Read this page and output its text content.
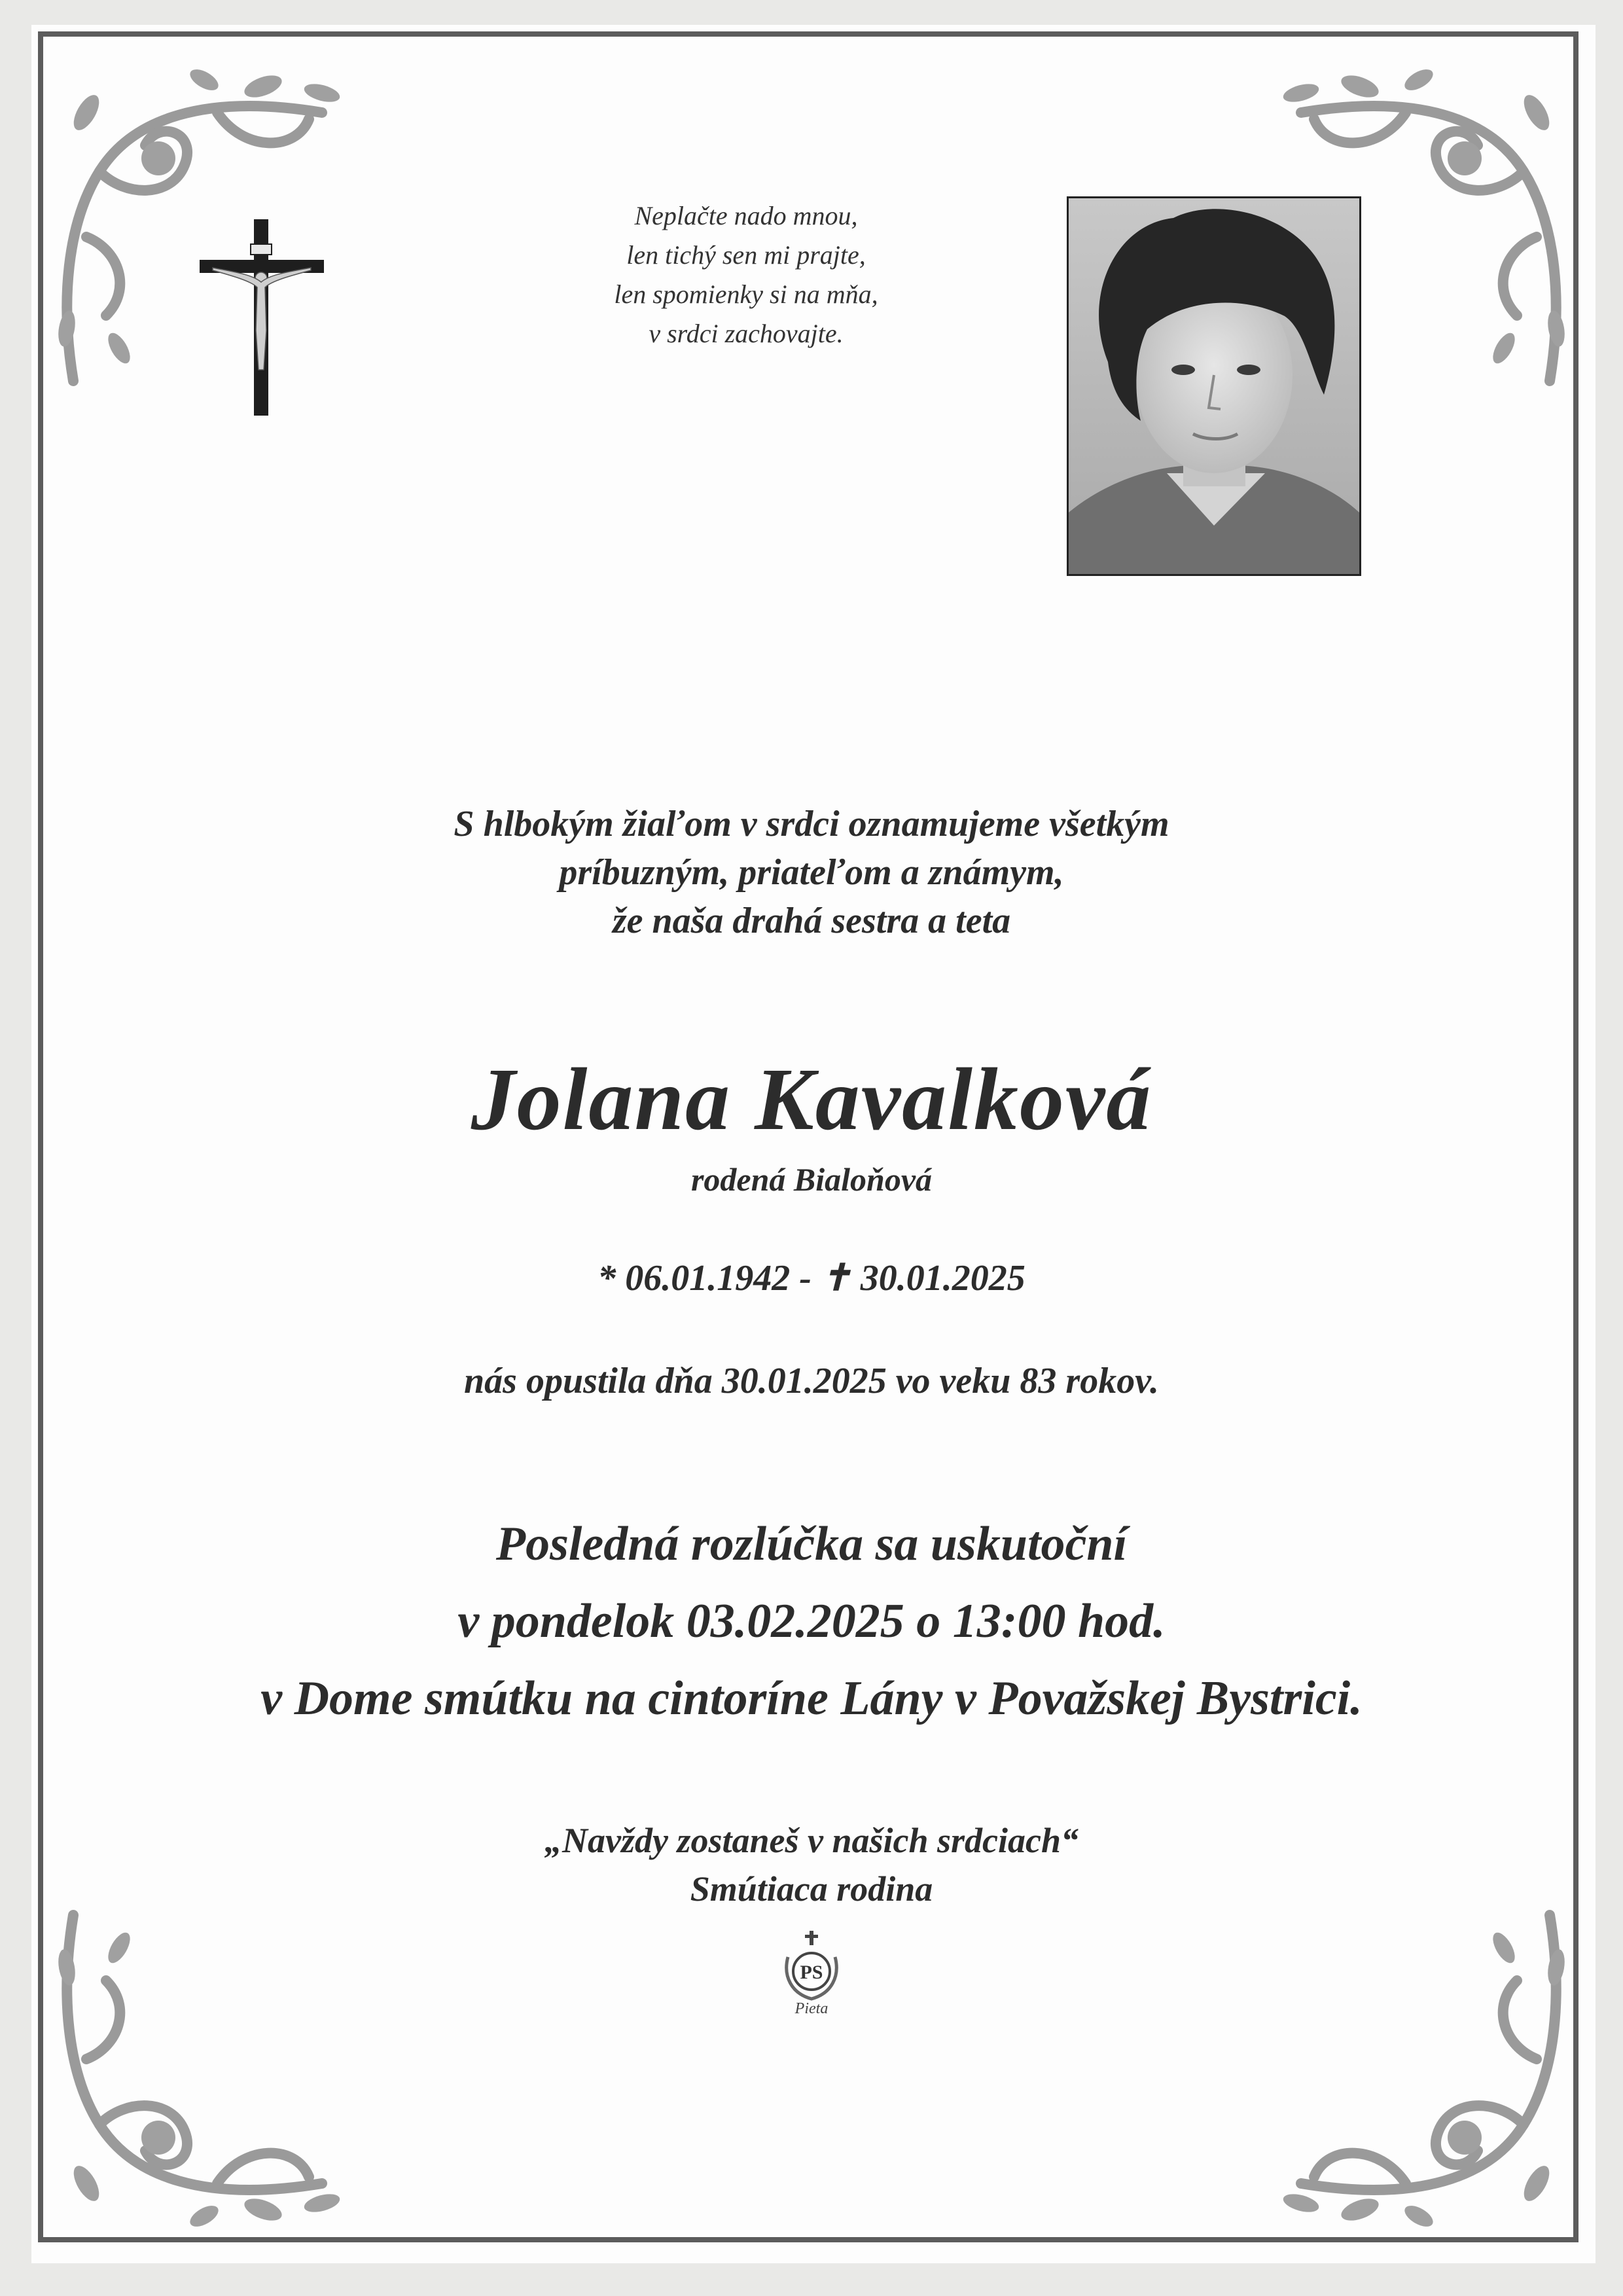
Neplačte nado mnou,
len tichý sen mi prajte,
len spomienky si na mňa,
v srdci zachovajte.
S hlbokým žiaľom v srdci oznamujeme všetkým
príbuzným, priateľom a známym,
že naša drahá sestra a teta
Jolana Kavalková
rodená Bialoňová
* 06.01.1942 - ✝ 30.01.2025
nás opustila dňa 30.01.2025 vo veku 83 rokov.
Posledná rozlúčka sa uskutoční
v pondelok 03.02.2025 o 13:00 hod.
v Dome smútku na cintoríne Lány v Považskej Bystrici.
„Navždy zostaneš v našich srdciach“
Smútiaca rodina
PS
Pieta
